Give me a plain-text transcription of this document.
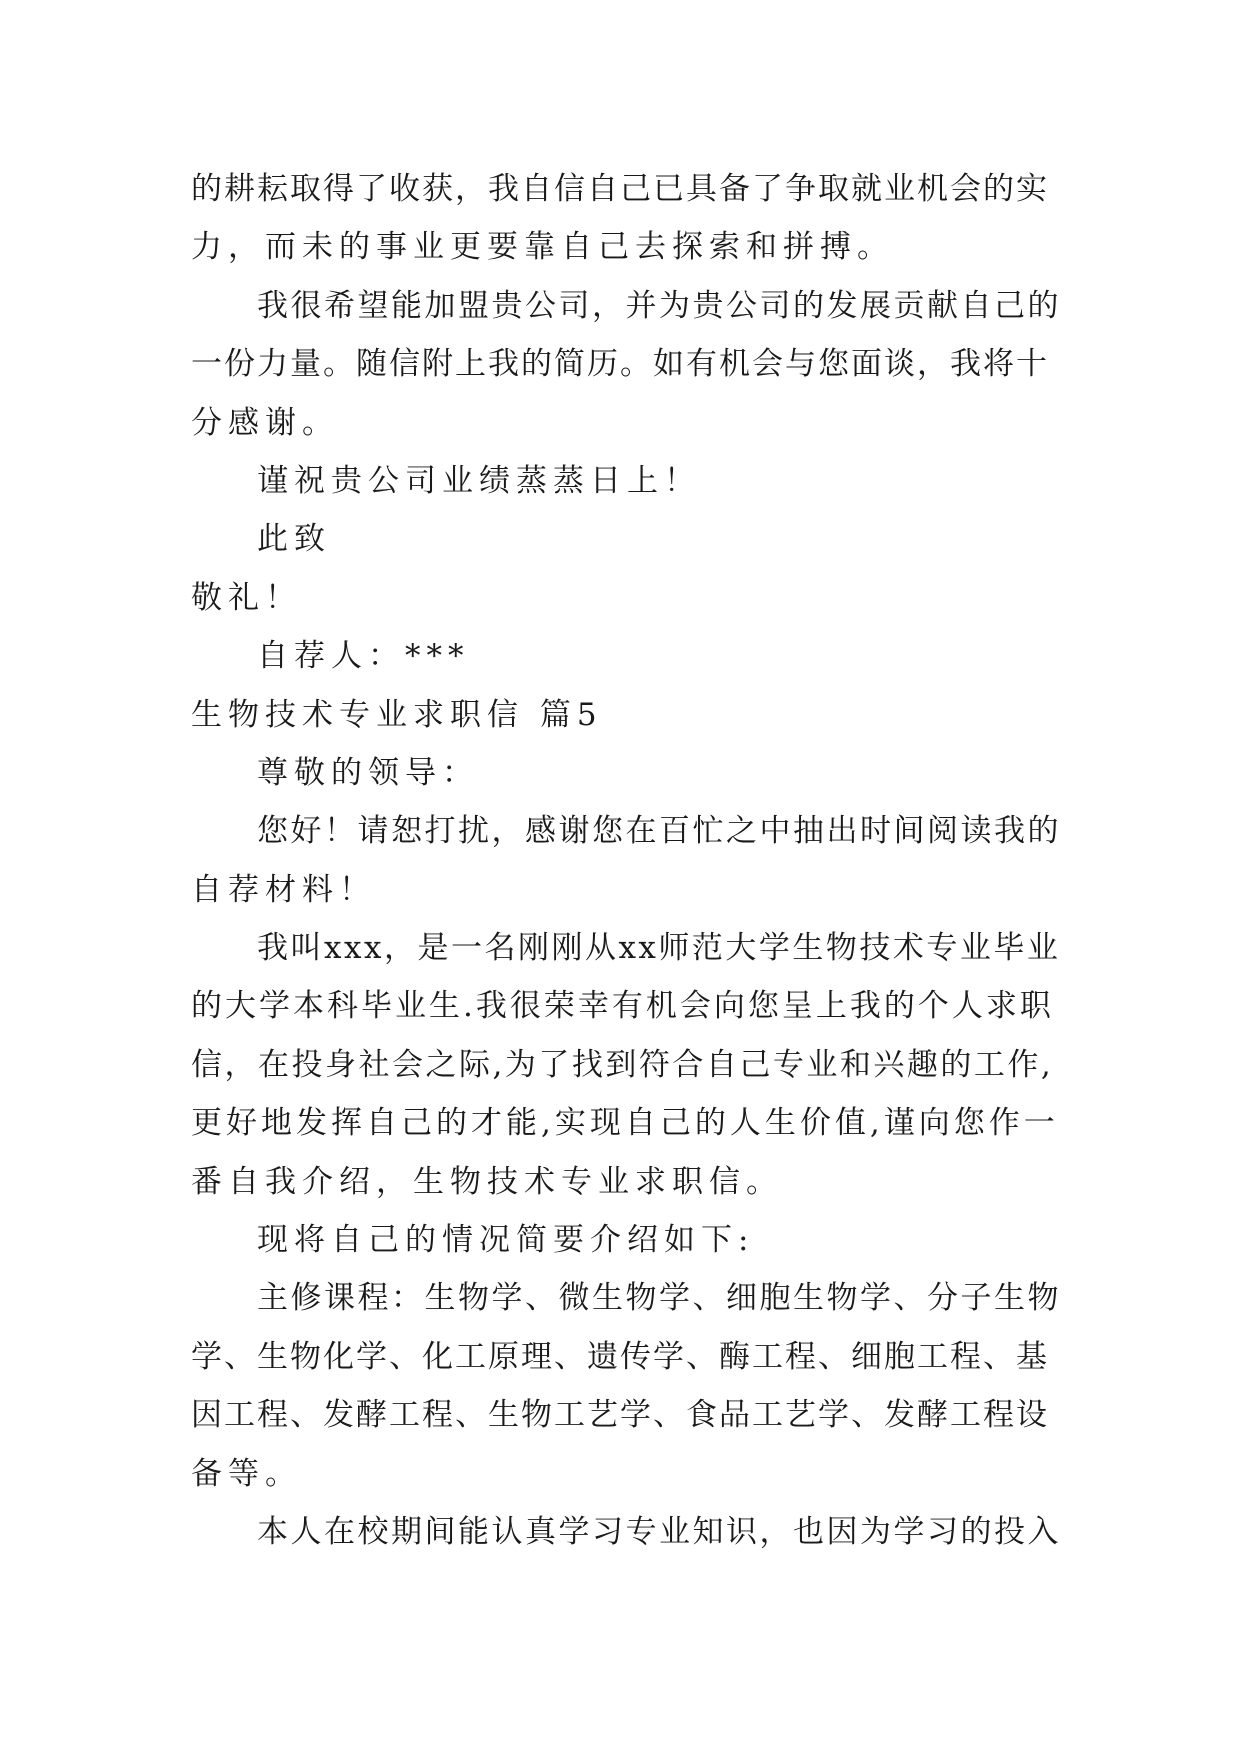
的耕耘取得了收获，我自信自己已具备了争取就业机会的实
力，而未的事业更要靠自己去探索和拼搏。
我很希望能加盟贵公司，并为贵公司的发展贡献自己的
一份力量。随信附上我的简历。如有机会与您面谈，我将十
分感谢。
谨祝贵公司业绩蒸蒸日上！
此致
敬礼！
自荐人：***
生物技术专业求职信 篇5
尊敬的领导：
您好！请恕打扰，感谢您在百忙之中抽出时间阅读我的
自荐材料！
我叫xxx，是一名刚刚从xx师范大学生物技术专业毕业
的大学本科毕业生.我很荣幸有机会向您呈上我的个人求职
信，在投身社会之际,为了找到符合自己专业和兴趣的工作,
更好地发挥自己的才能,实现自己的人生价值,谨向您作一
番自我介绍，生物技术专业求职信。
现将自己的情况简要介绍如下:
主修课程：生物学、微生物学、细胞生物学、分子生物
学、生物化学、化工原理、遗传学、酶工程、细胞工程、基
因工程、发酵工程、生物工艺学、食品工艺学、发酵工程设
备等。
本人在校期间能认真学习专业知识，也因为学习的投入
